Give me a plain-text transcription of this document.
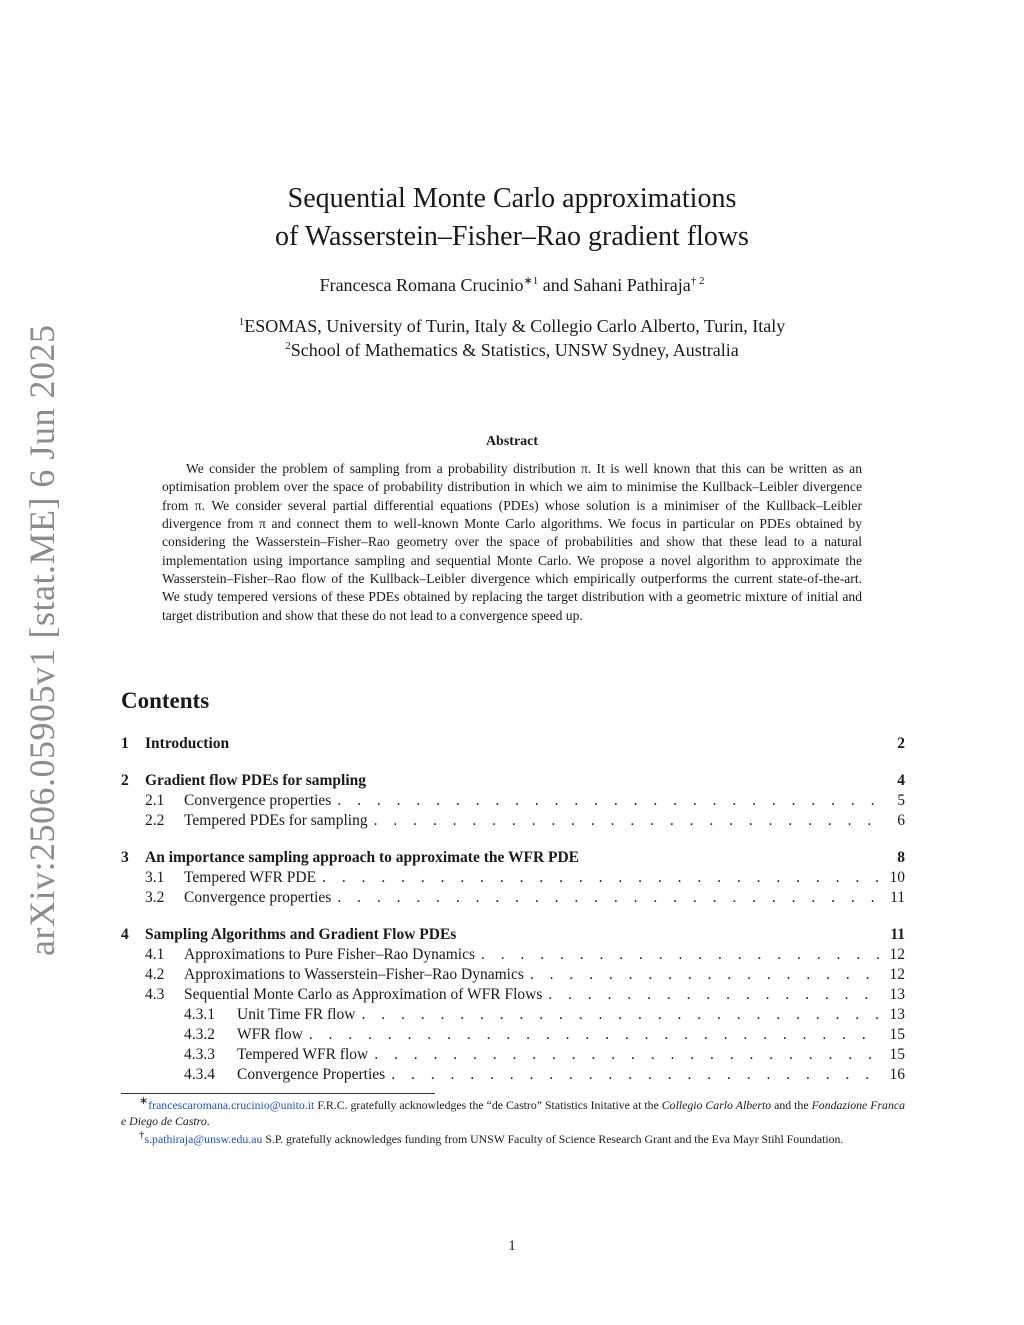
arXiv:2506.05905v1 [stat.ME] 6 Jun 2025
Sequential Monte Carlo approximations
of Wasserstein–Fisher–Rao gradient flows
Francesca Romana Crucinio$^{∗1}$ and Sahani Pathiraja$^{\dagger 2}$
$^1$ESOMAS, University of Turin, Italy & Collegio Carlo Alberto, Turin, Italy
$^2$School of Mathematics & Statistics, UNSW Sydney, Australia
Abstract

We consider the problem of sampling from a probability distribution π. It is well known that this can be written as an optimisation problem over the space of probability distribution in which we aim to minimise the Kullback–Leibler divergence from π. We consider several partial differential equations (PDEs) whose solution is a minimiser of the Kullback–Leibler divergence from π and connect them to well-known Monte Carlo algorithms. We focus in particular on PDEs obtained by considering the Wasserstein–Fisher–Rao geometry over the space of probabilities and show that these lead to a natural implementation using importance sampling and sequential Monte Carlo. We propose a novel algorithm to approximate the Wasserstein–Fisher–Rao flow of the Kullback–Leibler divergence which empirically outperforms the current state-of-the-art. We study tempered versions of these PDEs obtained by replacing the target distribution with a geometric mixture of initial and target distribution and show that these do not lead to a convergence speed up.

Contents
1	Introduction	2
2	Gradient flow PDEs for sampling	4
2.1	Convergence properties . . .	5
2.2	Tempered PDEs for sampling . . .	6
3	An importance sampling approach to approximate the WFR PDE	8
3.1	Tempered WFR PDE . . .	10
3.2	Convergence properties . . .	11
4	Sampling Algorithms and Gradient Flow PDEs	11
4.1	Approximations to Pure Fisher–Rao Dynamics . . .	12
4.2	Approximations to Wasserstein–Fisher–Rao Dynamics . . .	12
4.3	Sequential Monte Carlo as Approximation of WFR Flows . . .	13
4.3.1	Unit Time FR flow . . .	13
4.3.2	WFR flow . . .	15
4.3.3	Tempered WFR flow . . .	15
4.3.4	Convergence Properties . . .	16

∗francescaromana.crucinio@unito.it F.R.C. gratefully acknowledges the “de Castro” Statistics Initative at the Collegio Carlo Alberto and the Fondazione Franca e Diego de Castro.

†s.pathiraja@unsw.edu.au S.P. gratefully acknowledges funding from UNSW Faculty of Science Research Grant and the Eva Mayr Stihl Foundation.

1
